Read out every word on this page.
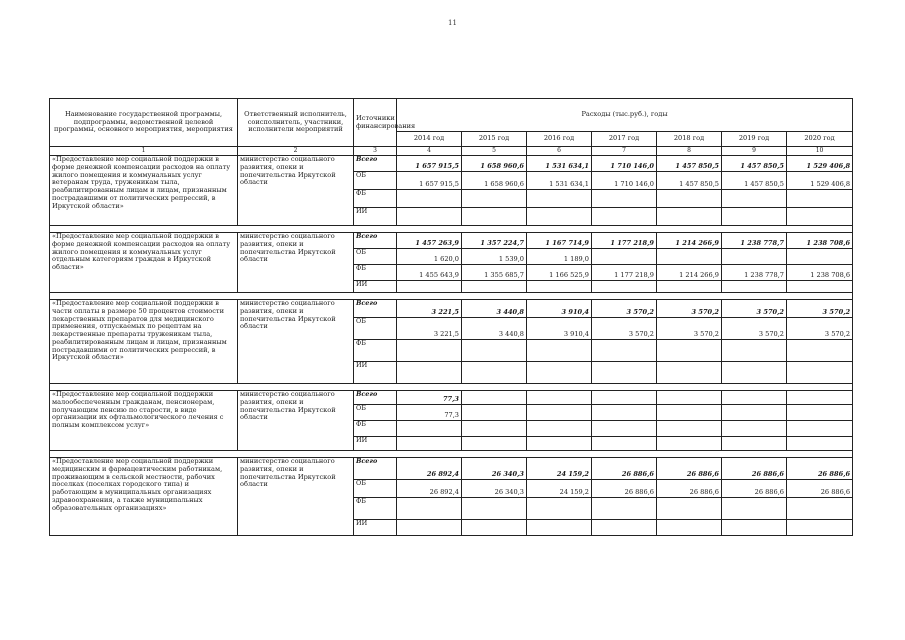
11
Наименование государственной программы, подпрограммы, ведомственной целевой программы, основного мероприятия, мероприятия	Ответственный исполнитель, соисполнитель, участники, исполнители мероприятий	Источники финансирования	Расходы (тыс.руб.), годы						
			2014 год	2015 год	2016 год	2017 год	2018 год	2019 год	2020 год
1	2	3	4	5	6	7	8	9	10
«Предоставление мер социальной поддержки в форме денежной компенсации расходов на оплату жилого помещения и коммунальных услуг ветеранам труда, труженикам тыла, реабилитированным лицам и лицам, признанным пострадавшими от политических репрессий, в Иркутской области»	министерство социального развития, опеки и попечительства Иркутской области	Всего	1 657 915,5	1 658 960,6	1 531 634,1	1 710 146,0	1 457 850,5	1 457 850,5	1 529 406,8
		ОБ	1 657 915,5	1 658 960,6	1 531 634,1	1 710 146,0	1 457 850,5	1 457 850,5	1 529 406,8
		ФБ							
		ИИ							

«Предоставление мер социальной поддержки в форме денежной компенсации расходов на оплату жилого помещения и коммунальных услуг отдельным категориям граждан в Иркутской области»	министерство социального развития, опеки и попечительства Иркутской области	Всего	1 457 263,9	1 357 224,7	1 167 714,9	1 177 218,9	1 214 266,9	1 238 778,7	1 238 708,6
		ОБ	1 620,0	1 539,0	1 189,0				
		ФБ	1 455 643,9	1 355 685,7	1 166 525,9	1 177 218,9	1 214 266,9	1 238 778,7	1 238 708,6
		ИИ							

«Предоставление мер социальной поддержки в части оплаты в размере 50 процентов стоимости лекарственных препаратов для медицинского применения, отпускаемых по рецептам на лекарственные препараты труженикам тыла, реабилитированным лицам и лицам, признанным пострадавшими от политических репрессий, в Иркутской области»	министерство социального развития, опеки и попечительства Иркутской области	Всего	3 221,5	3 440,8	3 910,4	3 570,2	3 570,2	3 570,2	3 570,2
		ОБ	3 221,5	3 440,8	3 910,4	3 570,2	3 570,2	3 570,2	3 570,2
		ФБ							
		ИИ							

«Предоставление мер социальной поддержки малообеспеченным гражданам, пенсионерам, получающим пенсию по старости, в виде организации их офтальмологического лечения с полным комплексом услуг»	министерство социального развития, опеки и попечительства Иркутской области	Всего	77,3						
		ОБ	77,3						
		ФБ							
		ИИ							

«Предоставление мер социальной поддержки медицинским и фармацевтическим работникам, проживающим в сельской местности, рабочих поселках (поселках городского типа) и работающим в муниципальных организациях здравоохранения, а также муниципальных образовательных организациях»	министерство социального развития, опеки и попечительства Иркутской области	Всего	26 892,4	26 340,3	24 159,2	26 886,6	26 886,6	26 886,6	26 886,6
		ОБ	26 892,4	26 340,3	24 159,2	26 886,6	26 886,6	26 886,6	26 886,6
		ФБ							
		ИИ							
